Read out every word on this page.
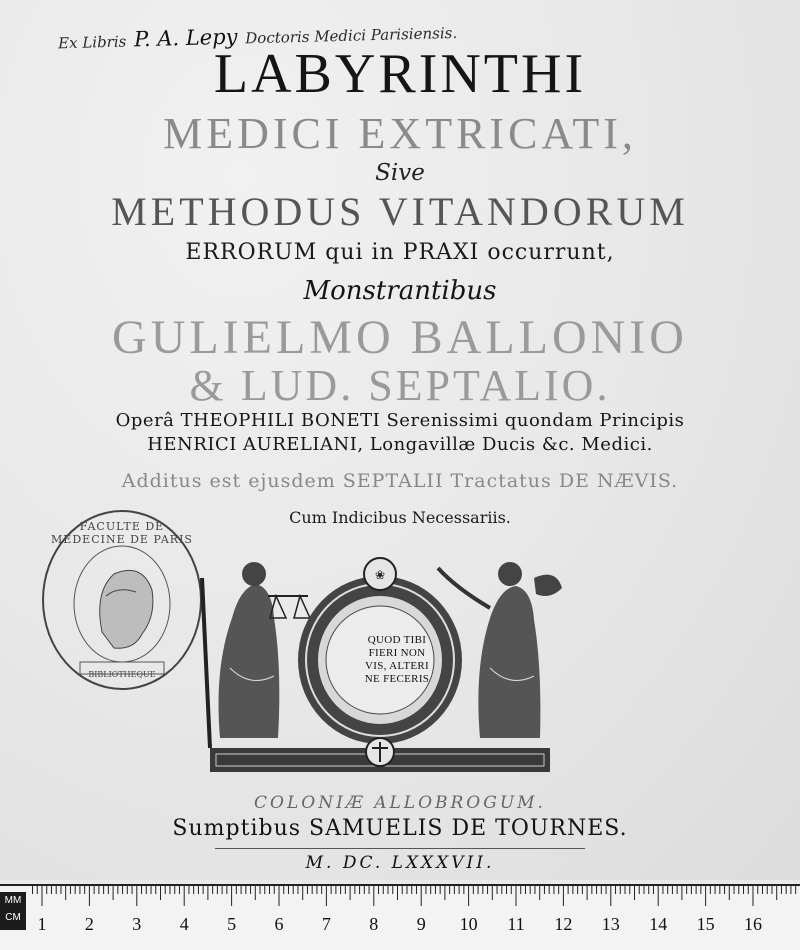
Ex Libris P. A. Lepy Doctoris Medici Parisiensis.
LABYRINTHI
MEDICI EXTRICATI,
Sive
METHODUS VITANDORUM
ERRORUM qui in PRAXI occurrunt,
Monstrantibus
GULIELMO BALLONIO
& LUD. SEPTALIO.
Operâ THEOPHILI BONETI Serenissimi quondam Principis
HENRICI AURELIANI, Longavillæ Ducis &c. Medici.
Additus est ejusdem SEPTALII Tractatus DE NÆVIS.
Cum Indicibus Necessariis.
FACULTE DE MEDECINE DE PARIS
BIBLIOTHEQUE
❀
QUOD TIBI
FIERI NON
VIS, ALTERI
NE FECERIS
COLONIÆ ALLOBROGUM.
Sumptibus SAMUELIS DE TOURNES.
M. DC. LXXXVII.
MM
CM 1	2	3	4	5	6	7	8	9	10 11 12 13 14 15 16
